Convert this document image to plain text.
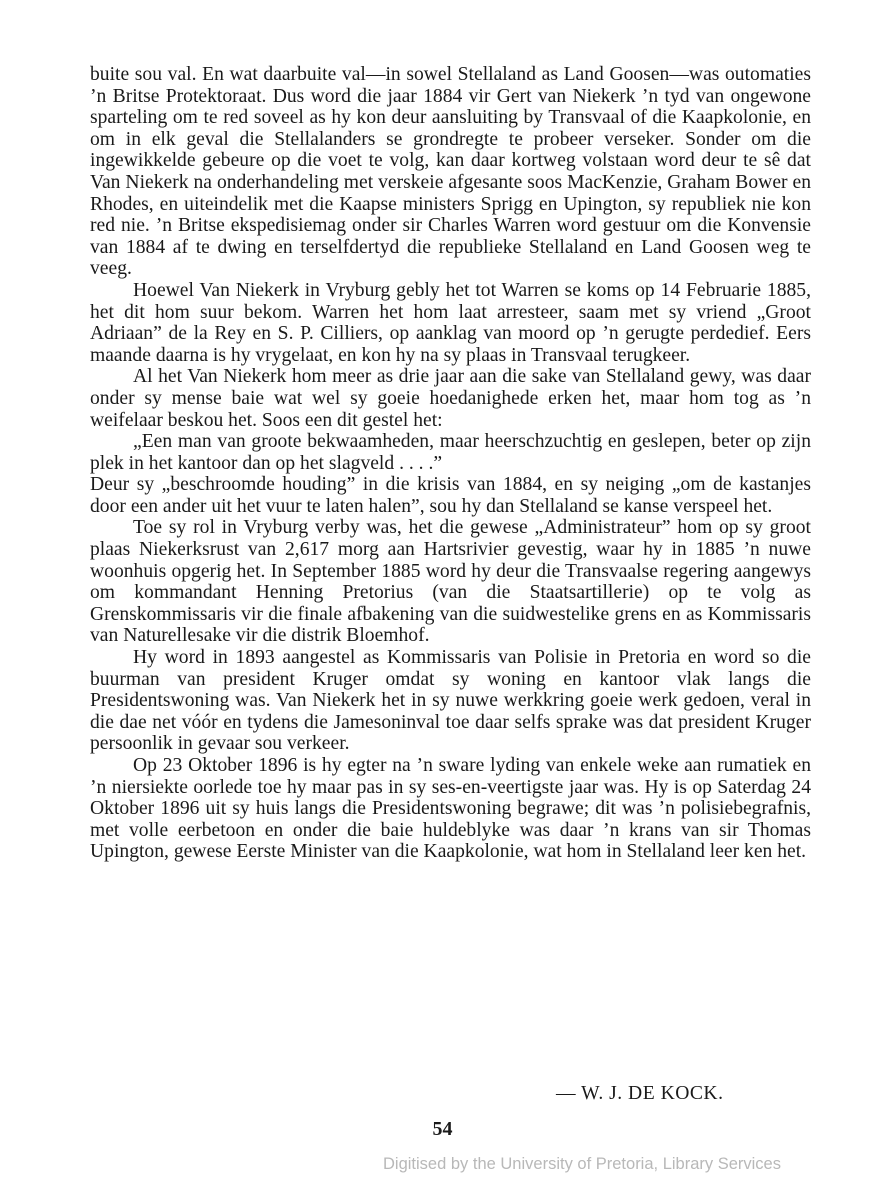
buite sou val. En wat daarbuite val—in sowel Stellaland as Land Goosen—was outomaties ’n Britse Protektoraat. Dus word die jaar 1884 vir Gert van Niekerk ’n tyd van ongewone sparteling om te red soveel as hy kon deur aansluiting by Transvaal of die Kaapkolonie, en om in elk geval die Stellalanders se grondregte te probeer verseker. Sonder om die ingewikkelde gebeure op die voet te volg, kan daar kortweg volstaan word deur te sê dat Van Niekerk na onderhandeling met verskeie afgesante soos MacKenzie, Graham Bower en Rhodes, en uiteindelik met die Kaapse ministers Sprigg en Upington, sy republiek nie kon red nie. ’n Britse ekspedisiemag onder sir Charles Warren word gestuur om die Konvensie van 1884 af te dwing en terselfdertyd die republieke Stellaland en Land Goosen weg te veeg.

Hoewel Van Niekerk in Vryburg gebly het tot Warren se koms op 14 Februarie 1885, het dit hom suur bekom. Warren het hom laat arresteer, saam met sy vriend „Groot Adriaan” de la Rey en S. P. Cilliers, op aanklag van moord op ’n gerugte perdedief. Eers maande daarna is hy vrygelaat, en kon hy na sy plaas in Transvaal terugkeer.

Al het Van Niekerk hom meer as drie jaar aan die sake van Stellaland gewy, was daar onder sy mense baie wat wel sy goeie hoedanighede erken het, maar hom tog as ’n weifelaar beskou het. Soos een dit gestel het:
„Een man van groote bekwaamheden, maar heerschzuchtig en geslepen, beter op zijn plek in het kantoor dan op het slagveld . . . .”

Deur sy „beschroomde houding” in die krisis van 1884, en sy neiging „om de kastanjes door een ander uit het vuur te laten halen”, sou hy dan Stellaland se kanse verspeel het.

Toe sy rol in Vryburg verby was, het die gewese „Administrateur” hom op sy groot plaas Niekerksrust van 2,617 morg aan Hartsrivier gevestig, waar hy in 1885 ’n nuwe woonhuis opgerig het. In September 1885 word hy deur die Transvaalse regering aangewys om kommandant Henning Pretorius (van die Staatsartillerie) op te volg as Grenskommissaris vir die finale afbakening van die suidwestelike grens en as Kommissaris van Naturellesake vir die distrik Bloemhof.

Hy word in 1893 aangestel as Kommissaris van Polisie in Pretoria en word so die buurman van president Kruger omdat sy woning en kantoor vlak langs die Presidentswoning was. Van Niekerk het in sy nuwe werkkring goeie werk gedoen, veral in die dae net vóór en tydens die Jamesoninval toe daar selfs sprake was dat president Kruger persoonlik in gevaar sou verkeer.

Op 23 Oktober 1896 is hy egter na ’n sware lyding van enkele weke aan rumatiek en ’n niersiekte oorlede toe hy maar pas in sy ses-en-veertigste jaar was. Hy is op Saterdag 24 Oktober 1896 uit sy huis langs die Presidentswoning begrawe; dit was ’n polisiebegrafnis, met volle eerbetoon en onder die baie huldeblyke was daar ’n krans van sir Thomas Upington, gewese Eerste Minister van die Kaapkolonie, wat hom in Stellaland leer ken het.

— W. J. DE KOCK.
54
Digitised by the University of Pretoria, Library Services
